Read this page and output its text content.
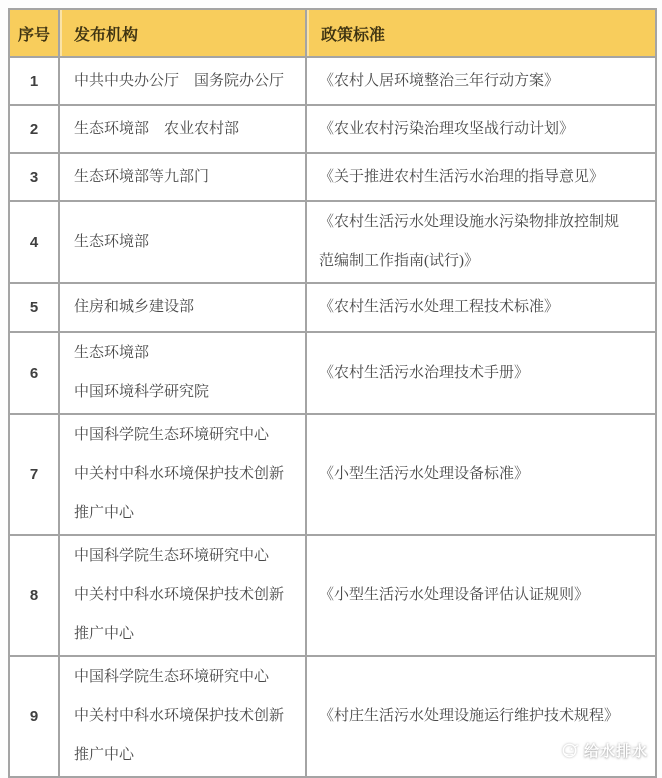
序号	发布机构	政策标准
1	中共中央办公厅　国务院办公厅	《农村人居环境整治三年行动方案》

2	生态环境部　农业农村部	《农业农村污染治理攻坚战行动计划》

3	生态环境部等九部门	《关于推进农村生活污水治理的指导意见》

4	生态环境部	《农村生活污水处理设施水污染物排放控制规
范编制工作指南(试行)》

5	住房和城乡建设部	《农村生活污水处理工程技术标准》

6	生态环境部
中国环境科学研究院	《农村生活污水治理技术手册》

7	中国科学院生态环境研究中心
中关村中科水环境保护技术创新
推广中心	《小型生活污水处理设备标准》

8	中国科学院生态环境研究中心
中关村中科水环境保护技术创新
推广中心	《小型生活污水处理设备评估认证规则》

9	中国科学院生态环境研究中心
中关村中科水环境保护技术创新
推广中心	《村庄生活污水处理设施运行维护技术规程》
给水排水
